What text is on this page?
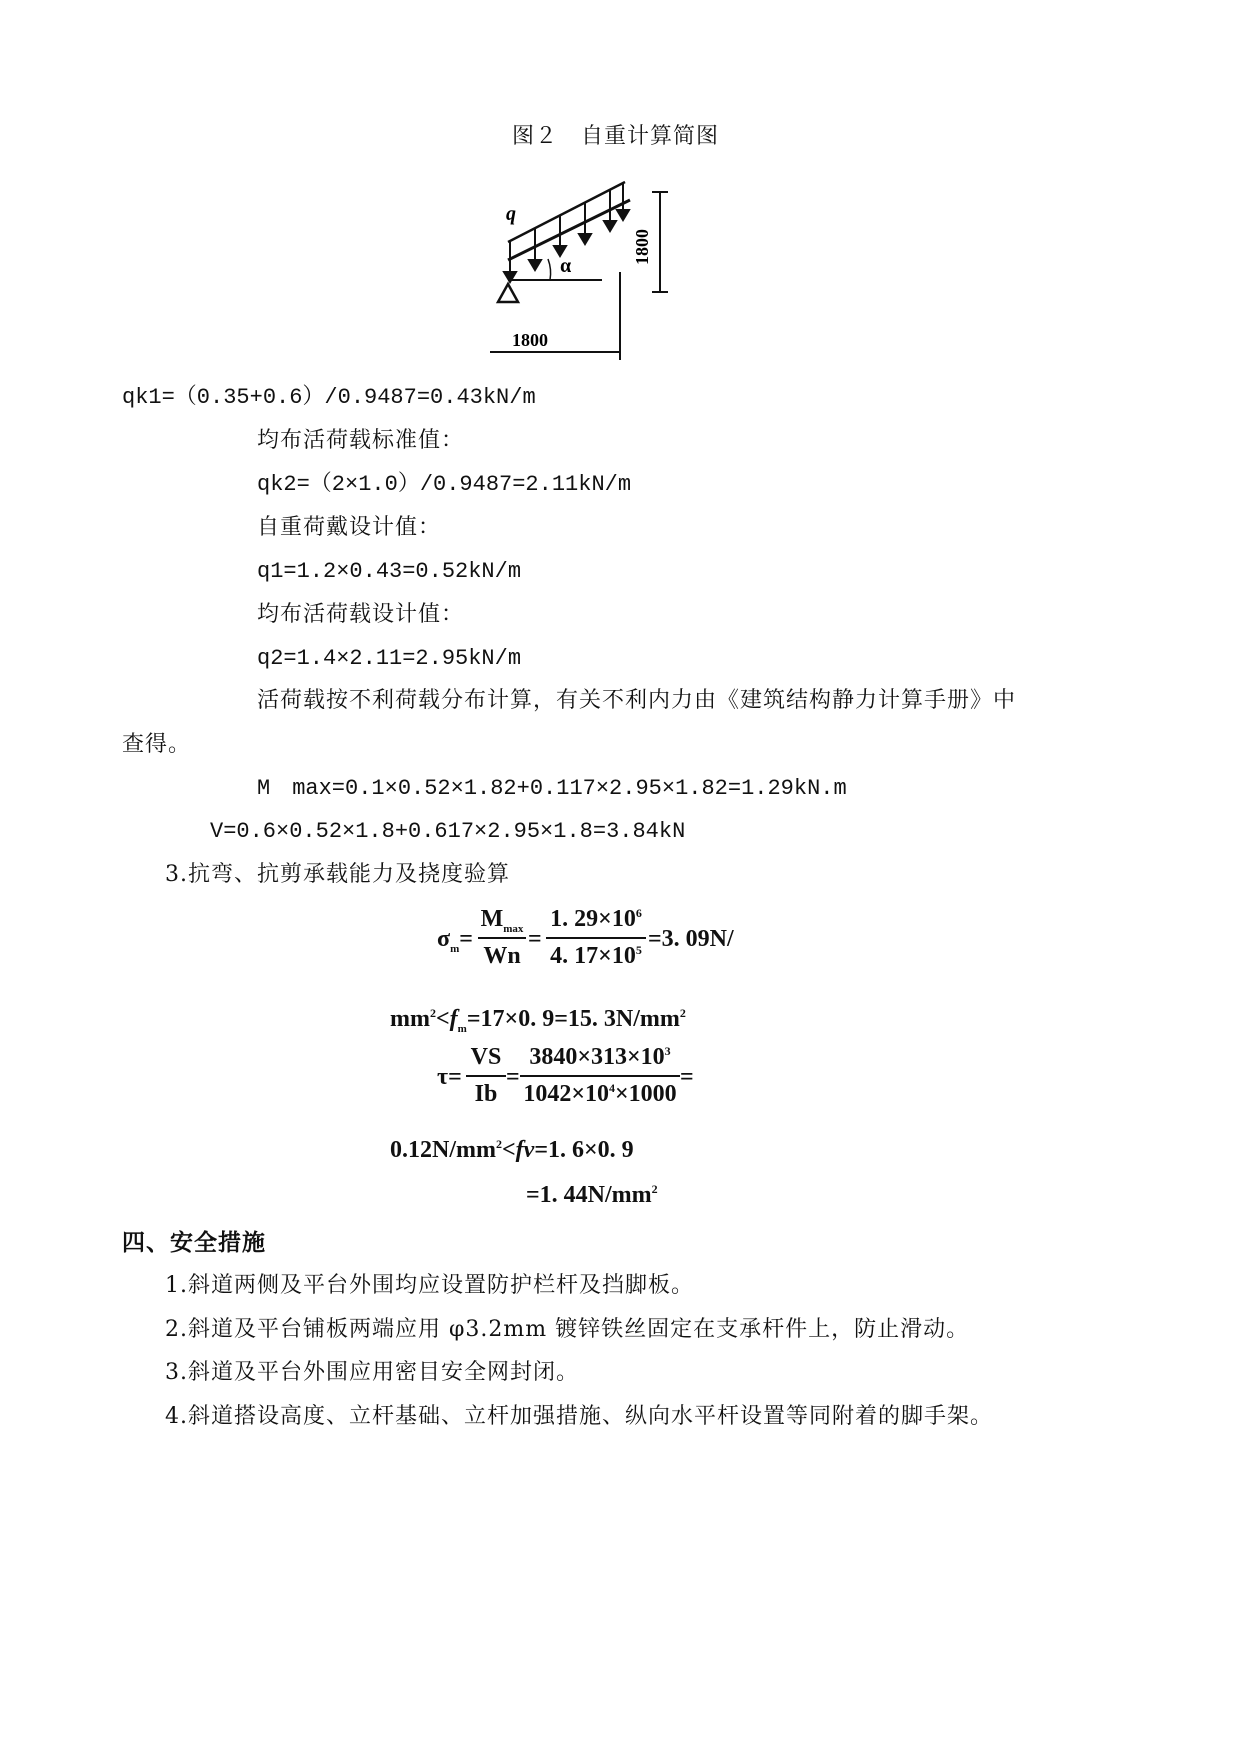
图２　自重计算简图
q
α
1800
1800
qk1=（0.35+0.6）/0.9487=0.43kN/m
均布活荷载标准值：
qk2=（2×1.0）/0.9487=2.11kN/m
自重荷戴设计值：
q1=1.2×0.43=0.52kN/m
均布活荷载设计值：
q2=1.4×2.11=2.95kN/m
活荷载按不利荷载分布计算，有关不利内力由《建筑结构静力计算手册》中
查得。
M　max=0.1×0.52×1.82+0.117×2.95×1.82=1.29kN.m
V=0.6×0.52×1.8+0.617×2.95×1.8=3.84kN
3.抗弯、抗剪承载能力及挠度验算
$\sigma_m=$
$M_{max}$
Wn
=
1. $29\times 10^6$
4. $17\times 10^5 =3$. 09N/
$mm^2<f_m=17\times 0$. 9=15. $3N/mm^2$
τ=
VS
Ib
=
$3840\times 313\times 10^3$
$1042\times 10^4\times 1000$
=
$0.12N/mm^2<fv=1$. 6×0. 9
=1. $44N/mm^2$
四、安全措施
1.斜道两侧及平台外围均应设置防护栏杆及挡脚板。
2.斜道及平台铺板两端应用 φ3.2mm 镀锌铁丝固定在支承杆件上，防止滑动。
3.斜道及平台外围应用密目安全网封闭。
4.斜道搭设高度、立杆基础、立杆加强措施、纵向水平杆设置等同附着的脚手架。
